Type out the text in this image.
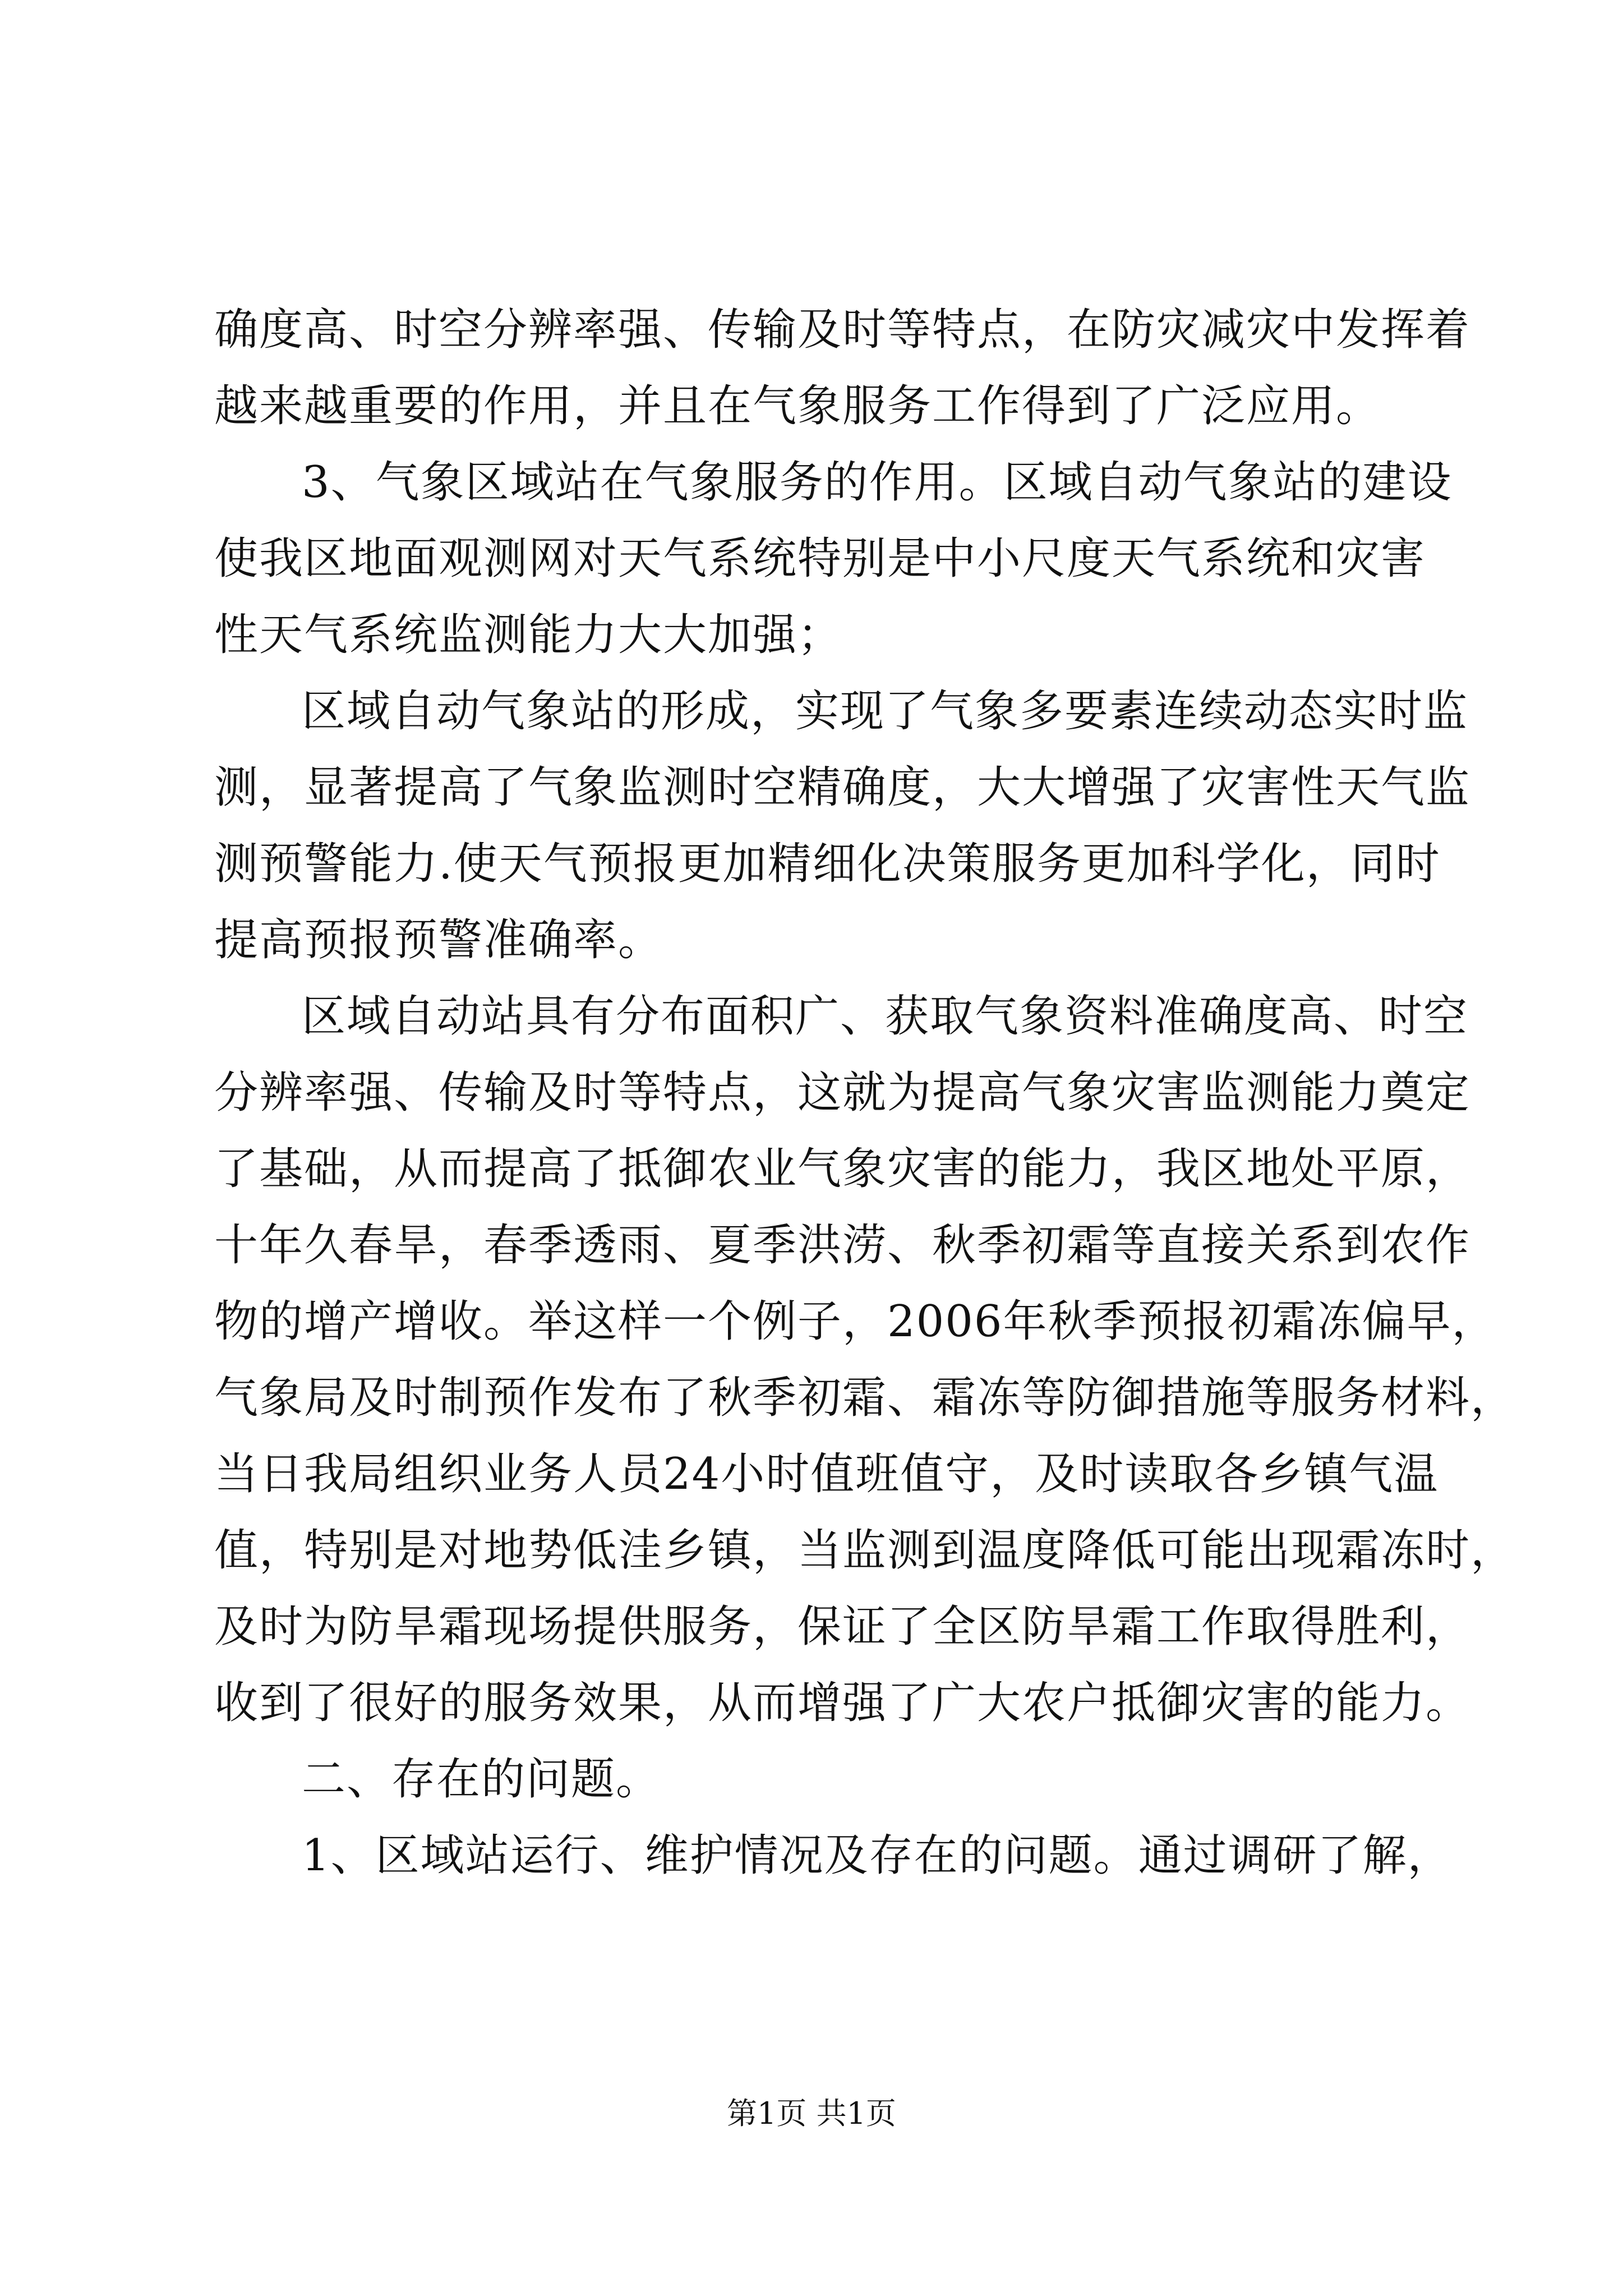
确度高、时空分辨率强、传输及时等特点，在防灾减灾中发挥着
越来越重要的作用，并且在气象服务工作得到了广泛应用。
3、气象区域站在气象服务的作用。区域自动气象站的建设
使我区地面观测网对天气系统特别是中小尺度天气系统和灾害
性天气系统监测能力大大加强；
区域自动气象站的形成，实现了气象多要素连续动态实时监
测，显著提高了气象监测时空精确度，大大增强了灾害性天气监
测预警能力.使天气预报更加精细化决策服务更加科学化，同时
提高预报预警准确率。
区域自动站具有分布面积广、获取气象资料准确度高、时空
分辨率强、传输及时等特点，这就为提高气象灾害监测能力奠定
了基础，从而提高了抵御农业气象灾害的能力，我区地处平原，
十年久春旱，春季透雨、夏季洪涝、秋季初霜等直接关系到农作
物的增产增收。举这样一个例子，2006年秋季预报初霜冻偏早，
气象局及时制预作发布了秋季初霜、霜冻等防御措施等服务材料，
当日我局组织业务人员24小时值班值守，及时读取各乡镇气温
值，特别是对地势低洼乡镇，当监测到温度降低可能出现霜冻时，
及时为防旱霜现场提供服务，保证了全区防旱霜工作取得胜利，
收到了很好的服务效果，从而增强了广大农户抵御灾害的能力。
二、存在的问题。
1、区域站运行、维护情况及存在的问题。通过调研了解，
第1页 共1页
